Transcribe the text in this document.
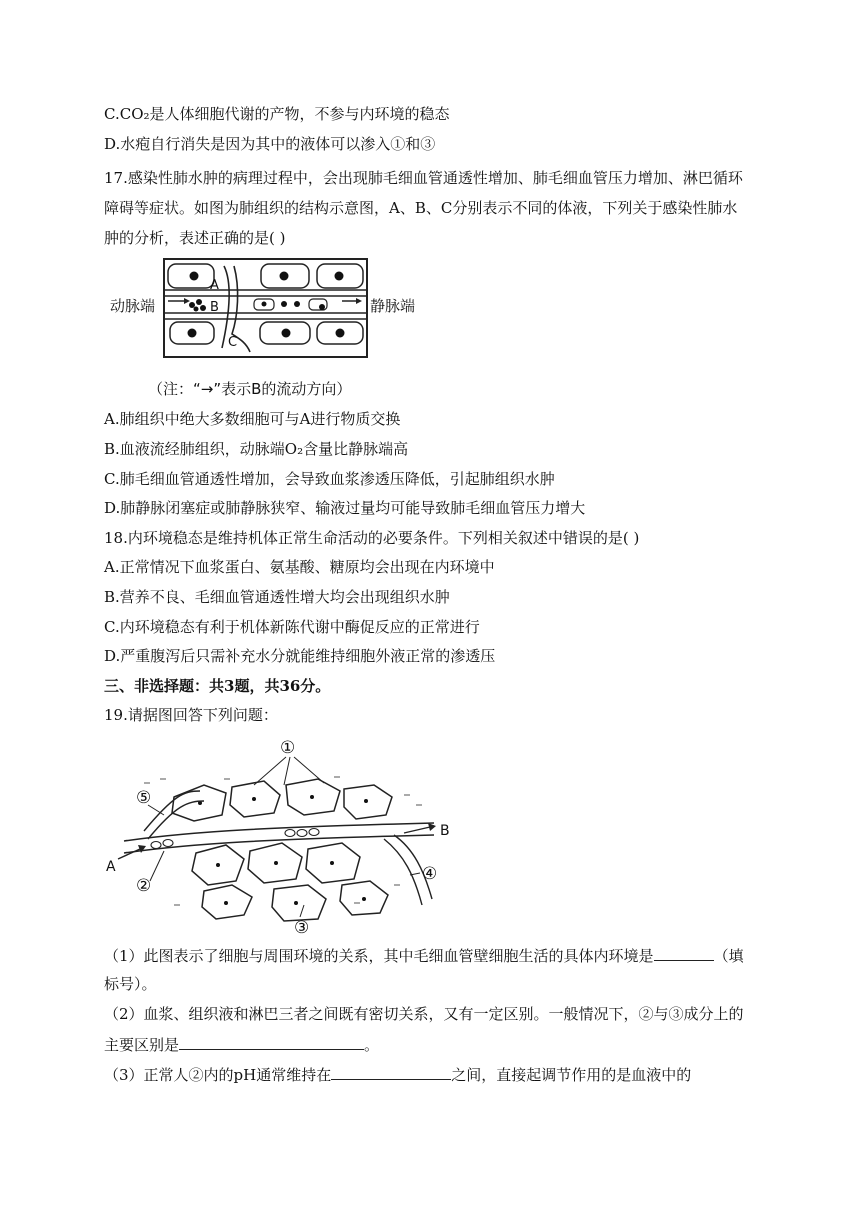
C.CO₂是人体细胞代谢的产物，不参与内环境的稳态
D.水疱自行消失是因为其中的液体可以渗入①和③
17.感染性肺水肿的病理过程中，会出现肺毛细血管通透性增加、肺毛细血管压力增加、淋巴循环障碍等症状。如图为肺组织的结构示意图，A、B、C分别表示不同的体液，下列关于感染性肺水肿的分析，表述正确的是( )
动脉端	静脉端
A
B
C
（注：“→”表示B的流动方向）
A.肺组织中绝大多数细胞可与A进行物质交换
B.血液流经肺组织，动脉端O₂含量比静脉端高
C.肺毛细血管通透性增加，会导致血浆渗透压降低，引起肺组织水肿
D.肺静脉闭塞症或肺静脉狭窄、输液过量均可能导致肺毛细血管压力增大
18.内环境稳态是维持机体正常生命活动的必要条件。下列相关叙述中错误的是( )
A.正常情况下血浆蛋白、氨基酸、糖原均会出现在内环境中
B.营养不良、毛细血管通透性增大均会出现组织水肿
C.内环境稳态有利于机体新陈代谢中酶促反应的正常进行
D.严重腹泻后只需补充水分就能维持细胞外液正常的渗透压
三、非选择题：共3题，共36分。
19.请据图回答下列问题：
①
⑤
②
③
④
A
B
（1）此图表示了细胞与周围环境的关系，其中毛细血管壁细胞生活的具体内环境是	（填
标号）。
（2）血浆、组织液和淋巴三者之间既有密切关系，又有一定区别。一般情况下，②与③成分上的
主要区别是	。
（3）正常人②内的pH通常维持在	之间，直接起调节作用的是血液中的
